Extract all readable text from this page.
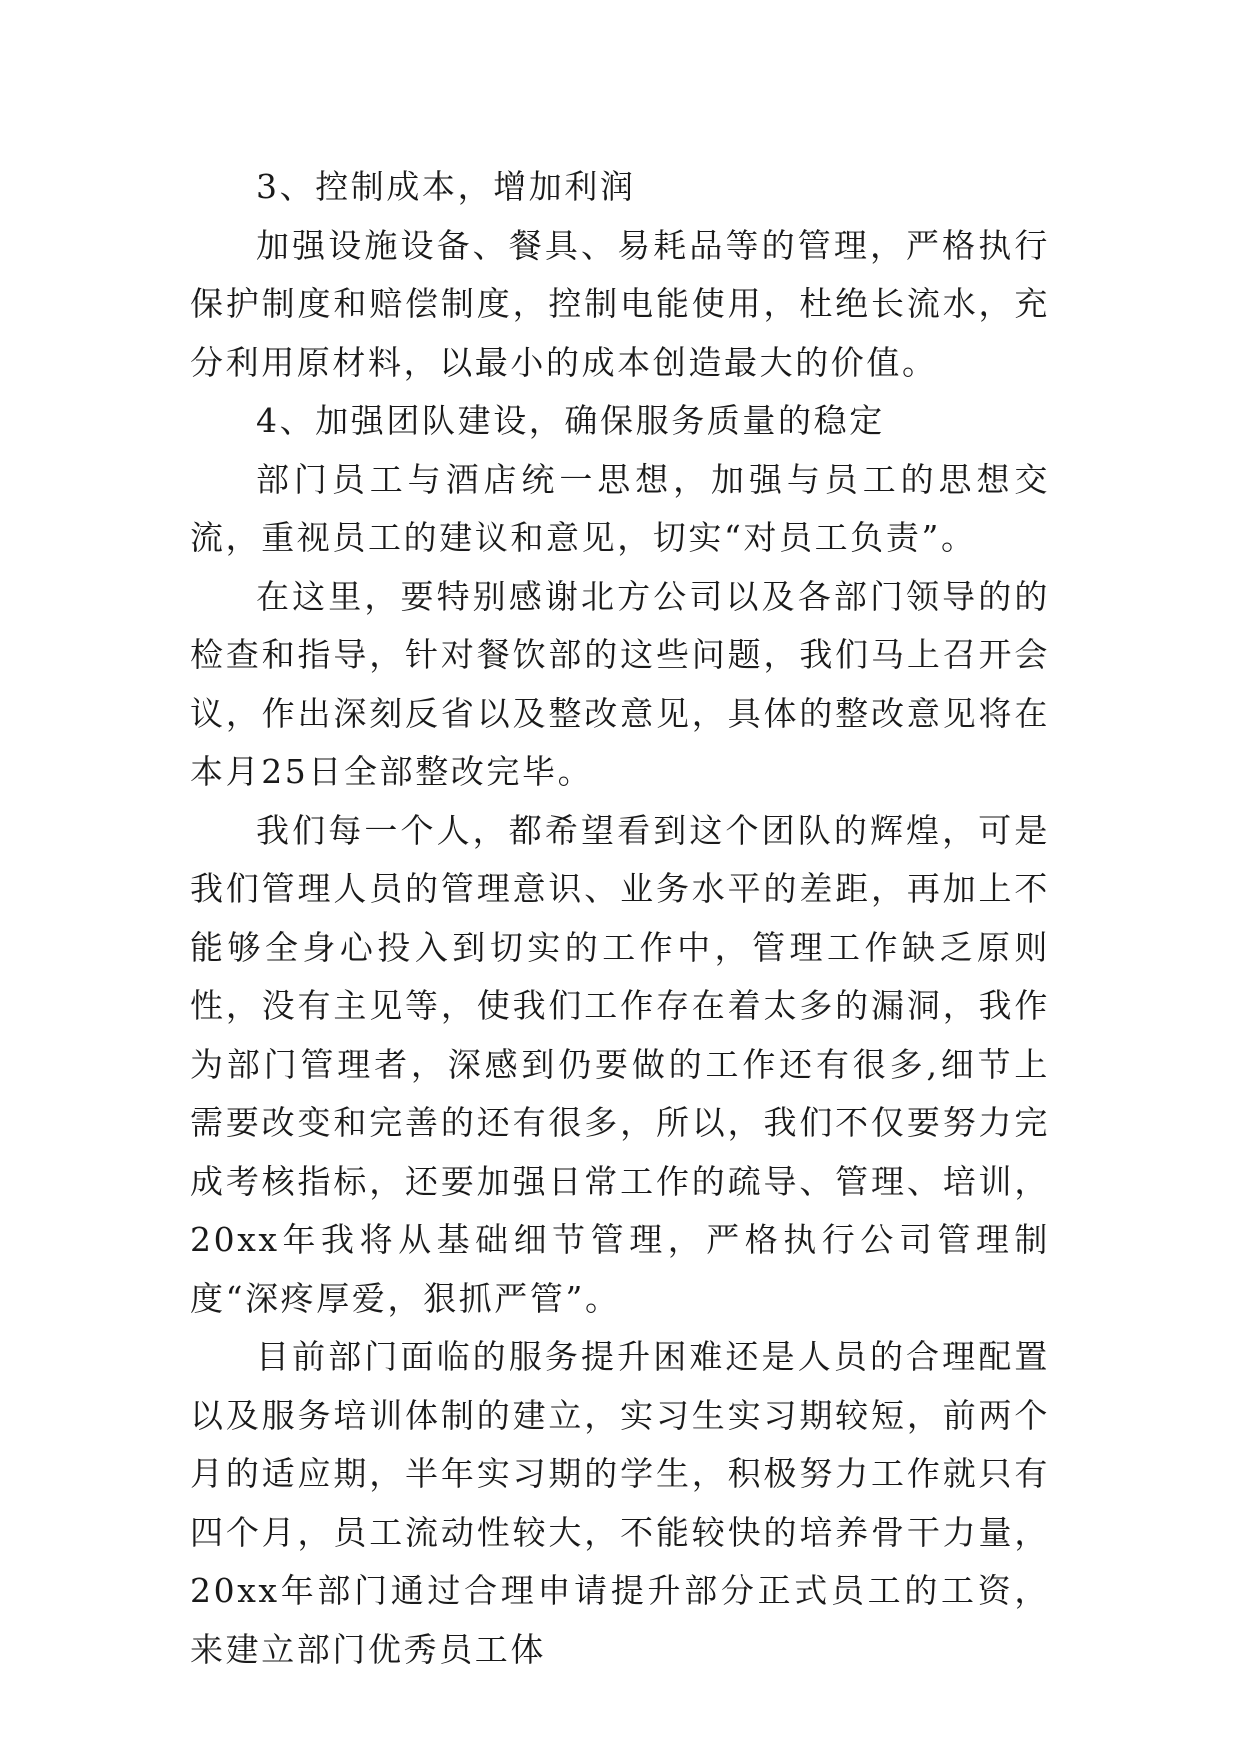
3、控制成本，增加利润

加强设施设备、餐具、易耗品等的管理，严格执行保护制度和赔偿制度，控制电能使用，杜绝长流水，充分利用原材料，以最小的成本创造最大的价值。

4、加强团队建设，确保服务质量的稳定

部门员工与酒店统一思想，加强与员工的思想交流，重视员工的建议和意见，切实“对员工负责”。

在这里，要特别感谢北方公司以及各部门领导的的检查和指导，针对餐饮部的这些问题，我们马上召开会议，作出深刻反省以及整改意见，具体的整改意见将在本月25日全部整改完毕。

我们每一个人，都希望看到这个团队的辉煌，可是我们管理人员的管理意识、业务水平的差距，再加上不能够全身心投入到切实的工作中，管理工作缺乏原则性，没有主见等，使我们工作存在着太多的漏洞，我作为部门管理者，深感到仍要做的工作还有很多,细节上需要改变和完善的还有很多，所以，我们不仅要努力完成考核指标，还要加强日常工作的疏导、管理、培训，20xx年我将从基础细节管理，严格执行公司管理制度“深疼厚爱，狠抓严管”。

目前部门面临的服务提升困难还是人员的合理配置以及服务培训体制的建立，实习生实习期较短，前两个月的适应期，半年实习期的学生，积极努力工作就只有四个月，员工流动性较大，不能较快的培养骨干力量，20xx年部门通过合理申请提升部分正式员工的工资，来建立部门优秀员工体
